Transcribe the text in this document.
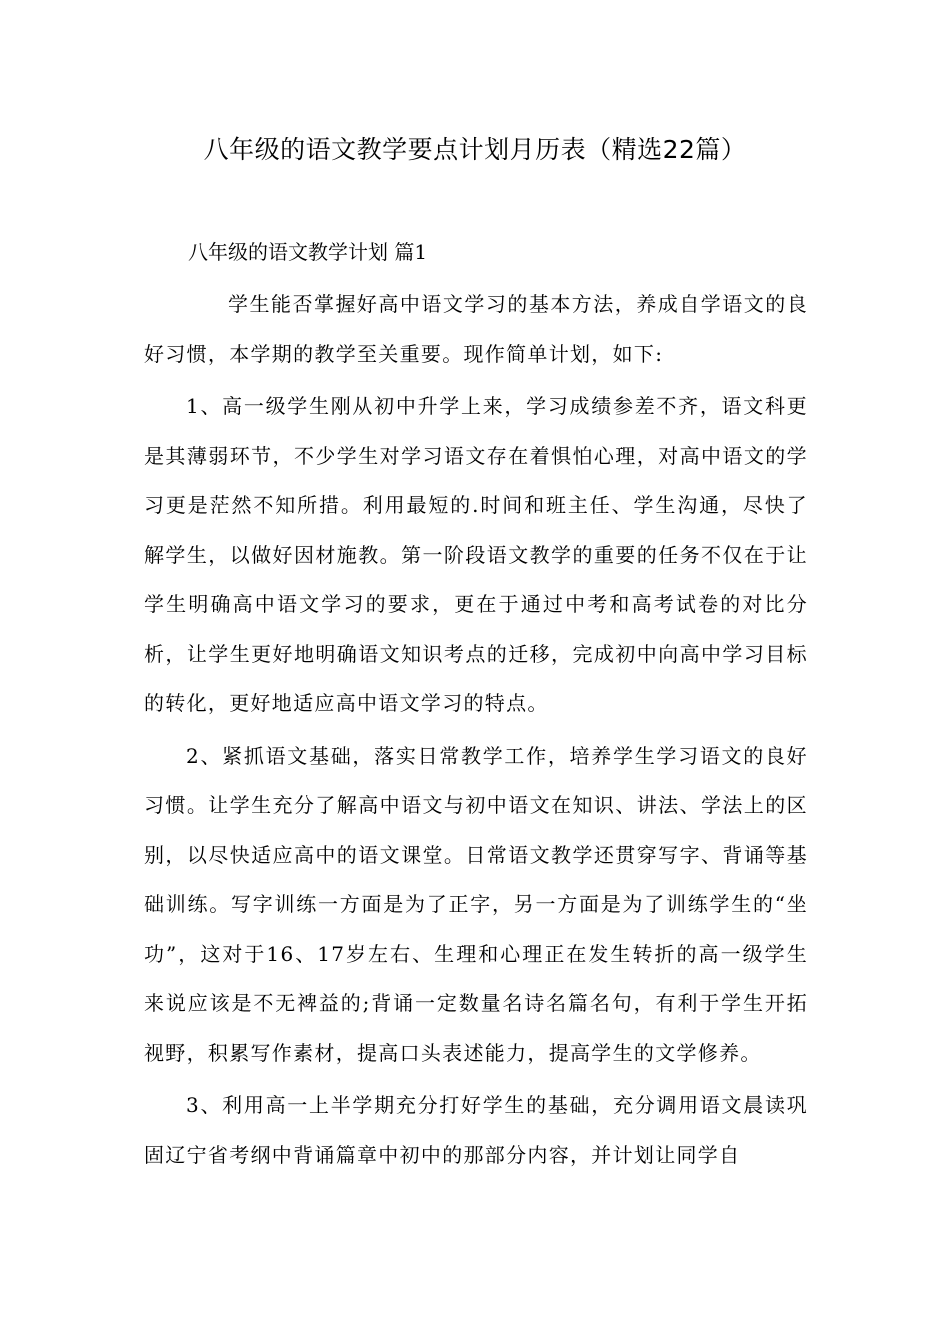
八年级的语文教学要点计划月历表（精选22篇）
八年级的语文教学计划 篇1

学生能否掌握好高中语文学习的基本方法，养成自学语文的良好习惯，本学期的教学至关重要。现作简单计划，如下:

1、高一级学生刚从初中升学上来，学习成绩参差不齐，语文科更是其薄弱环节，不少学生对学习语文存在着惧怕心理，对高中语文的学习更是茫然不知所措。利用最短的.时间和班主任、学生沟通，尽快了解学生，以做好因材施教。第一阶段语文教学的重要的任务不仅在于让学生明确高中语文学习的要求，更在于通过中考和高考试卷的对比分析，让学生更好地明确语文知识考点的迁移，完成初中向高中学习目标的转化，更好地适应高中语文学习的特点。

2、紧抓语文基础，落实日常教学工作，培养学生学习语文的良好习惯。让学生充分了解高中语文与初中语文在知识、讲法、学法上的区别，以尽快适应高中的语文课堂。日常语文教学还贯穿写字、背诵等基础训练。写字训练一方面是为了正字，另一方面是为了训练学生的“坐功”，这对于16、17岁左右、生理和心理正在发生转折的高一级学生来说应该是不无裨益的;背诵一定数量名诗名篇名句，有利于学生开拓视野，积累写作素材，提高口头表述能力，提高学生的文学修养。

3、利用高一上半学期充分打好学生的基础，充分调用语文晨读巩固辽宁省考纲中背诵篇章中初中的那部分内容，并计划让同学自
